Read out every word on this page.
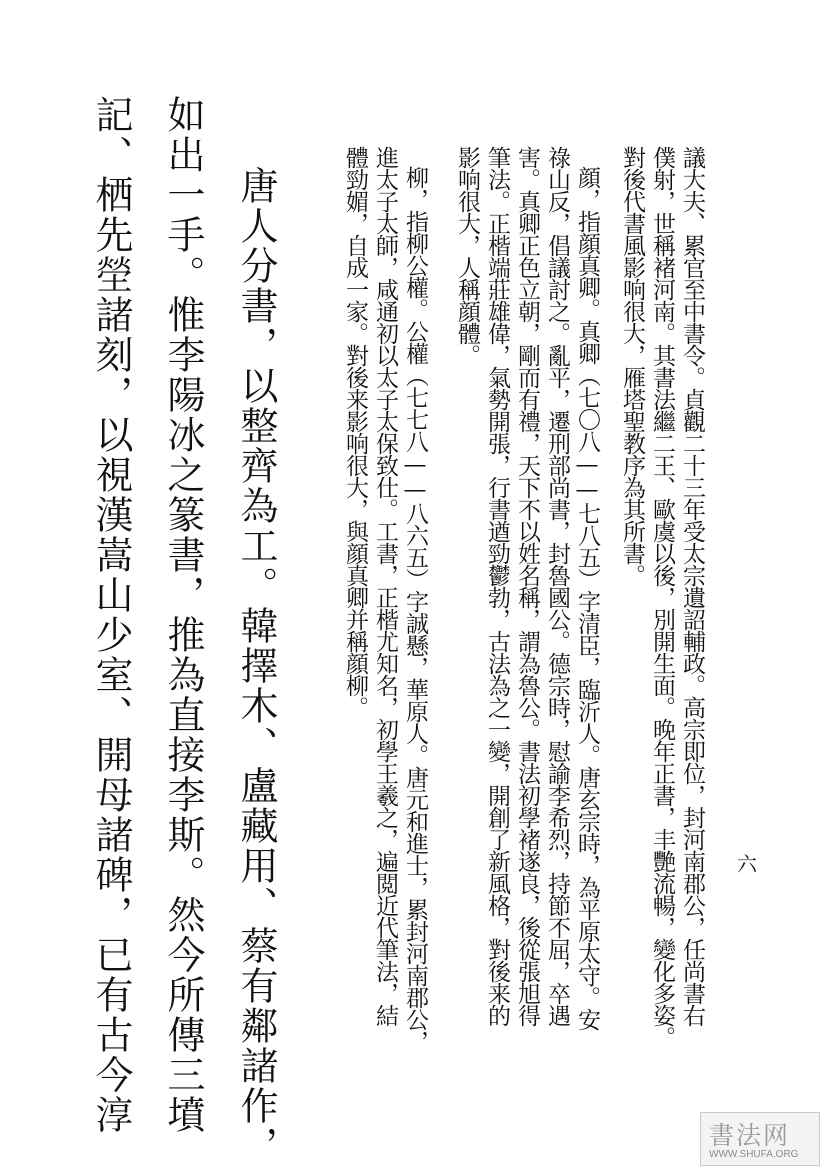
議大夫、累官至中書令。貞觀二十三年受太宗遺詔輔政。高宗即位，封河南郡公，任尚書右
僕射，世稱褚河南。其書法繼二王、歐虞以後，別開生面。晚年正書，丰艷流暢，變化多姿。
對後代書風影响很大，雁塔聖教序為其所書。
顔，指顔真卿。真卿（七〇八——七八五）字清臣，臨沂人。唐玄宗時，為平原太守。安
祿山反，倡議討之。亂平，遷刑部尚書，封魯國公。德宗時，慰諭李希烈，持節不屈，卒遇
害。真卿正色立朝，剛而有禮，天下不以姓名稱，謂為魯公。書法初學褚遂良，後從張旭得
筆法。正楷端莊雄偉，氣勢開張，行書遒勁鬱勃，古法為之一變，開創了新風格，對後来的
影响很大，人稱顔體。
柳，指柳公權。公權（七七八——八六五）字誠懸，華原人。唐元和進士，累封河南郡公，
進太子太師，咸通初以太子太保致仕。工書，正楷尤知名，初學王羲之，遍閲近代筆法，結
體勁媚，自成一家。對後来影响很大，與顔真卿并稱顔柳。
唐人分書，以整齊為工。韓擇木、盧藏用、蔡有鄰諸作，
如出一手。惟李陽冰之篆書，推為直接李斯。然今所傳三墳
記、栖先塋諸刻，以視漢嵩山少室、開母諸碑，已有古今淳	六
書法网
WWW.SHUFA.ORG
